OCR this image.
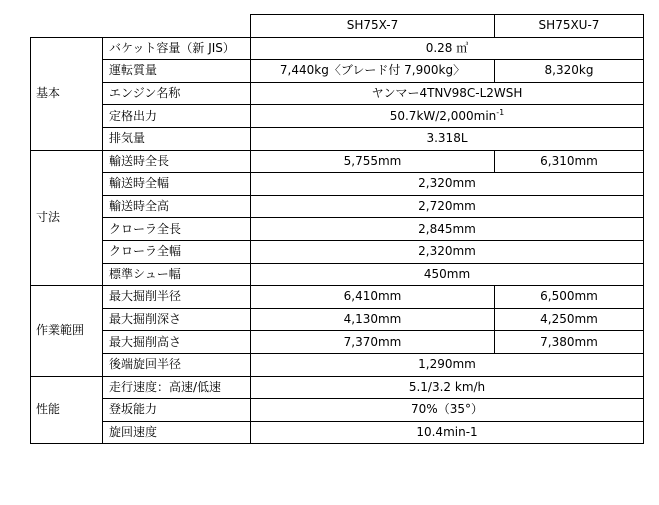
		SH75X-7	SH75XU-7
基本	バケット容量（新 JIS）	0.28 ㎥	
	運転質量	7,440kg〈ブレード付 7,900kg〉	8,320kg
	エンジン名称	ヤンマー4TNV98C-L2WSH	
	定格出力	$50.7kW/2,000\min^{-1}$
	排気量	3.318L	
寸法	輸送時全長	5,755mm	6,310mm
	輸送時全幅	2,320mm	
	輸送時全高	2,720mm	
	クローラ全長	2,845mm	
	クローラ全幅	2,320mm	
	標準シュー幅	450mm	
作業範囲	最大掘削半径	6,410mm	6,500mm
	最大掘削深さ	4,130mm	4,250mm
	最大掘削高さ	7,370mm	7,380mm
	後端旋回半径	1,290mm	
性能	走行速度：高速/低速	5.1/3.2 km/h	
	登坂能力	70%（35°）	
	旋回速度	10.4min-1	
